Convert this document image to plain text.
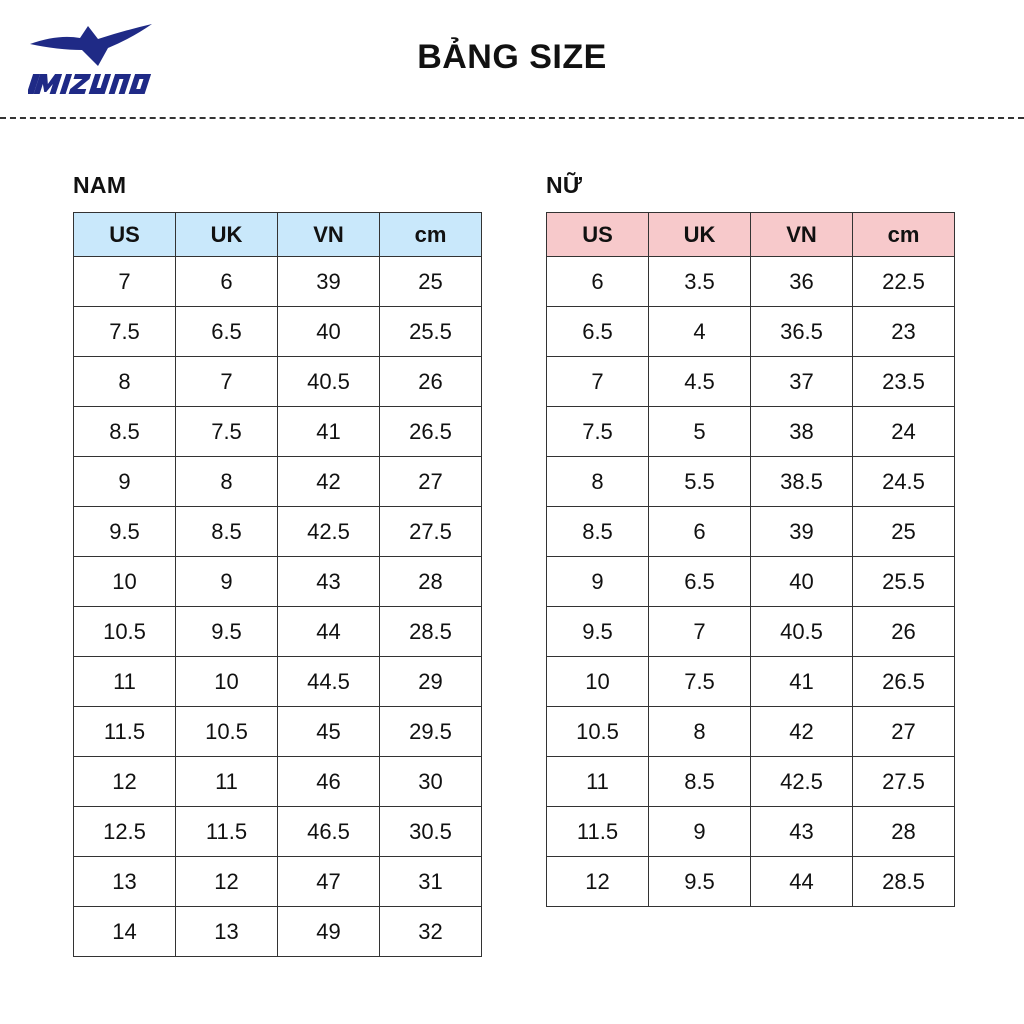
BẢNG SIZE
NAM
US	UK	VN	cm
7	6	39	25
7.5	6.5	40	25.5
8	7	40.5	26
8.5	7.5	41	26.5
9	8	42	27
9.5	8.5	42.5	27.5
10	9	43	28
10.5	9.5	44	28.5
11	10	44.5	29
11.5	10.5	45	29.5
12	11	46	30
12.5	11.5	46.5	30.5
13	12	47	31
14	13	49	32
NỮ
US	UK	VN	cm
6	3.5	36	22.5
6.5	4	36.5	23
7	4.5	37	23.5
7.5	5	38	24
8	5.5	38.5	24.5
8.5	6	39	25
9	6.5	40	25.5
9.5	7	40.5	26
10	7.5	41	26.5
10.5	8	42	27
11	8.5	42.5	27.5
11.5	9	43	28
12	9.5	44	28.5
